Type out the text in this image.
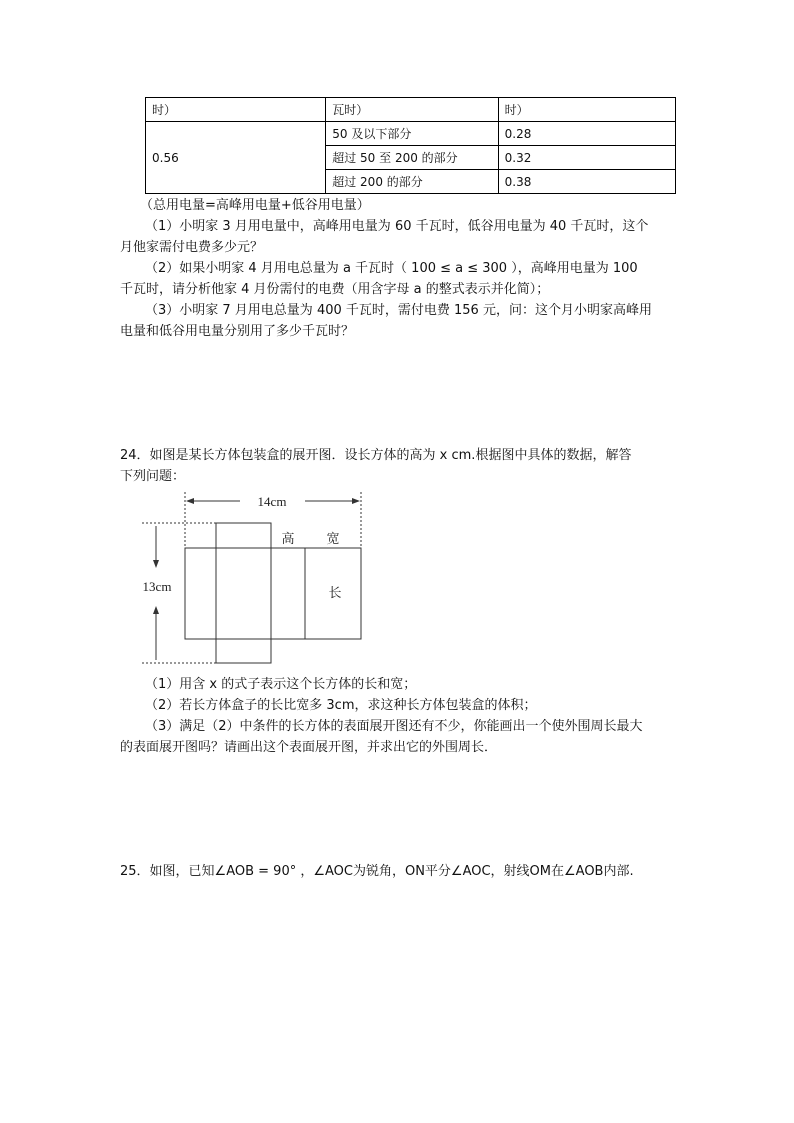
时）	瓦时）	时）
0.56	50 及以下部分	0.28
	超过 50 至 200 的部分	0.32
	超过 200 的部分	0.38
（总用电量=高峰用电量+低谷用电量）
（1）小明家 3 月用电量中，高峰用电量为 60 千瓦时，低谷用电量为 40 千瓦时，这个
月他家需付电费多少元？
（2）如果小明家 4 月用电总量为 a 千瓦时（ 100 ≤ a ≤ 300 ），高峰用电量为 100
千瓦时，请分析他家 4 月份需付的电费（用含字母 a 的整式表示并化简）；
（3）小明家 7 月用电总量为 400 千瓦时，需付电费 156 元，问：这个月小明家高峰用
电量和低谷用电量分别用了多少千瓦时？
24．如图是某长方体包装盒的展开图．设长方体的高为 x cm.根据图中具体的数据，解答
下列问题：
14cm
13cm
高 宽
长
（1）用含 x 的式子表示这个长方体的长和宽；
（2）若长方体盒子的长比宽多 3cm，求这种长方体包装盒的体积；
（3）满足（2）中条件的长方体的表面展开图还有不少，你能画出一个使外围周长最大
的表面展开图吗？请画出这个表面展开图，并求出它的外围周长．
25．如图，已知∠AOB = 90° ，∠AOC为锐角，ON平分∠AOC，射线OM在∠AOB内部.
